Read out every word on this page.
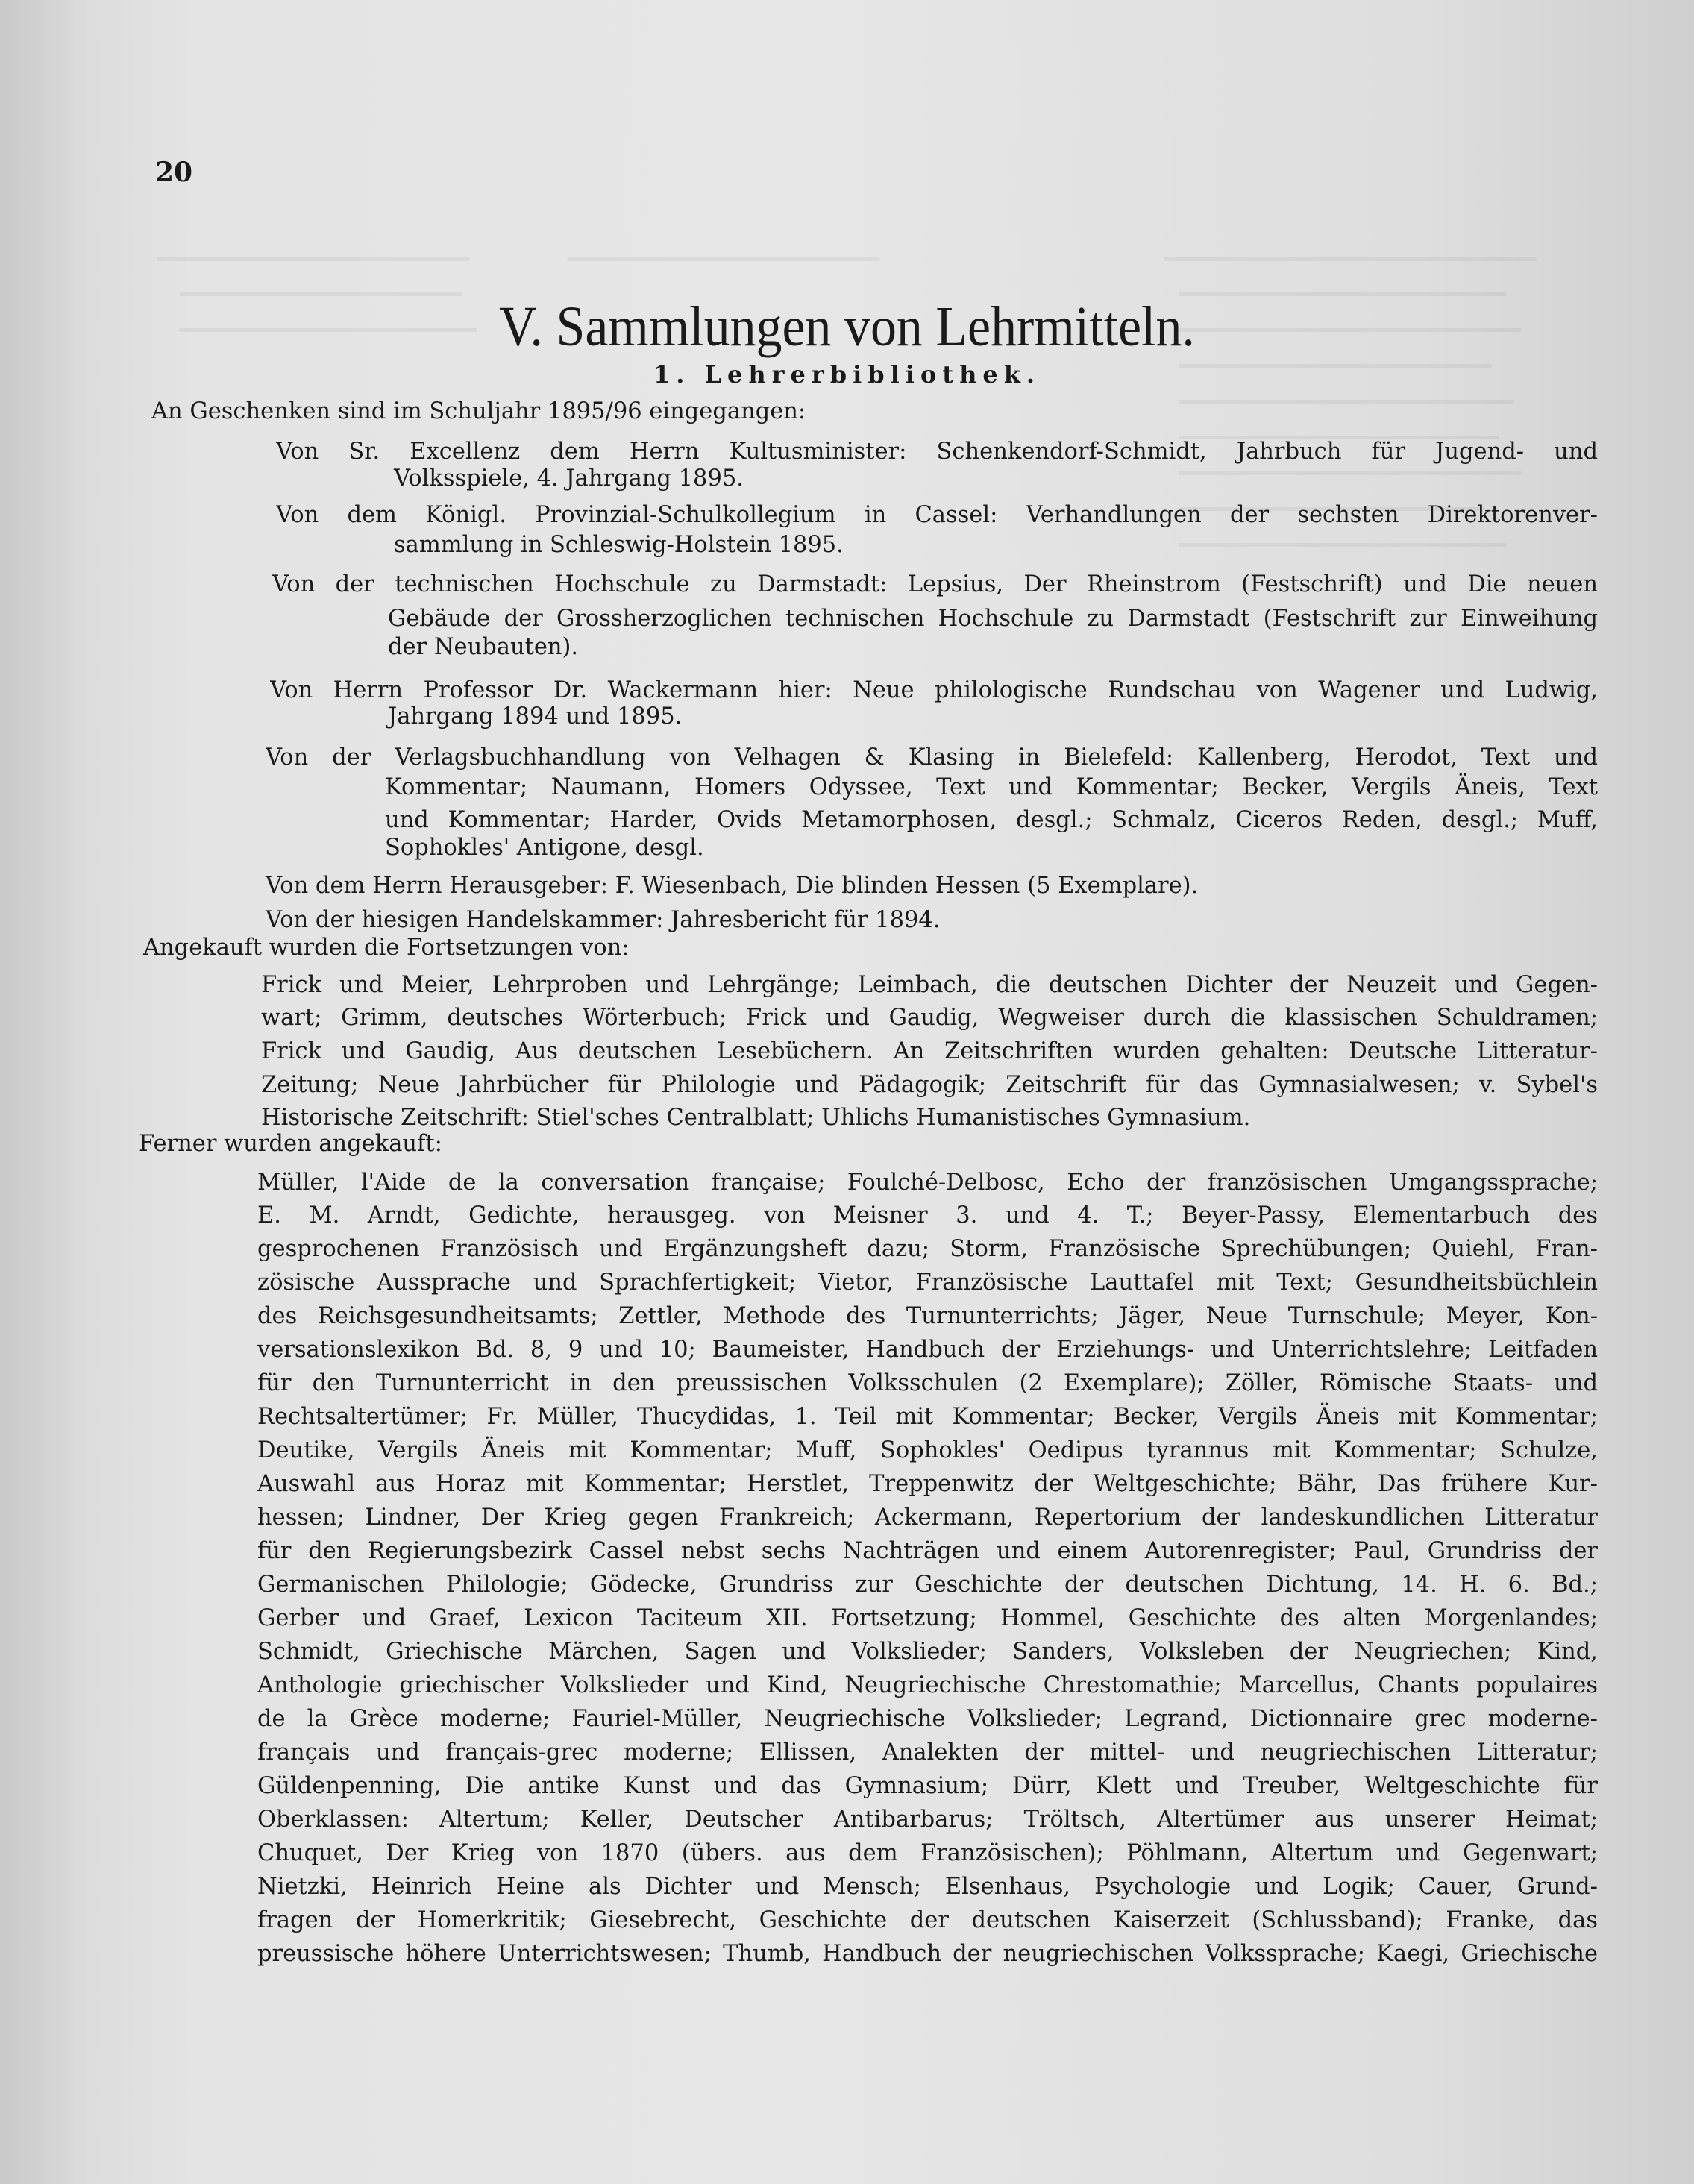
20
V. Sammlungen von Lehrmitteln.
1. Lehrerbibliothek.

An Geschenken sind im Schuljahr 1895/96 eingegangen:

Von Sr. Excellenz dem Herrn Kultusminister: Schenkendorf-Schmidt, Jahrbuch für Jugend- und

Volksspiele, 4. Jahrgang 1895.

Von dem Königl. Provinzial-Schulkollegium in Cassel: Verhandlungen der sechsten Direktorenver-

sammlung in Schleswig-Holstein 1895.

Von der technischen Hochschule zu Darmstadt: Lepsius, Der Rheinstrom (Festschrift) und Die neuen

Gebäude der Grossherzoglichen technischen Hochschule zu Darmstadt (Festschrift zur Einweihung

der Neubauten).

Von Herrn Professor Dr. Wackermann hier: Neue philologische Rundschau von Wagener und Ludwig,

Jahrgang 1894 und 1895.

Von der Verlagsbuchhandlung von Velhagen & Klasing in Bielefeld: Kallenberg, Herodot, Text und

Kommentar; Naumann, Homers Odyssee, Text und Kommentar; Becker, Vergils Äneis, Text

und Kommentar; Harder, Ovids Metamorphosen, desgl.; Schmalz, Ciceros Reden, desgl.; Muff,

Sophokles' Antigone, desgl.

Von dem Herrn Herausgeber: F. Wiesenbach, Die blinden Hessen (5 Exemplare).

Von der hiesigen Handelskammer: Jahresbericht für 1894.

Angekauft wurden die Fortsetzungen von:

Frick und Meier, Lehrproben und Lehrgänge; Leimbach, die deutschen Dichter der Neuzeit und Gegen-

wart; Grimm, deutsches Wörterbuch; Frick und Gaudig, Wegweiser durch die klassischen Schuldramen;

Frick und Gaudig, Aus deutschen Lesebüchern. An Zeitschriften wurden gehalten: Deutsche Litteratur-

Zeitung; Neue Jahrbücher für Philologie und Pädagogik; Zeitschrift für das Gymnasialwesen; v. Sybel's

Historische Zeitschrift: Stiel'sches Centralblatt; Uhlichs Humanistisches Gymnasium.

Ferner wurden angekauft:

Müller, l'Aide de la conversation française; Foulché-Delbosc, Echo der französischen Umgangssprache;

E. M. Arndt, Gedichte, herausgeg. von Meisner 3. und 4. T.; Beyer-Passy, Elementarbuch des

gesprochenen Französisch und Ergänzungsheft dazu; Storm, Französische Sprechübungen; Quiehl, Fran-

zösische Aussprache und Sprachfertigkeit; Vietor, Französische Lauttafel mit Text; Gesundheitsbüchlein

des Reichsgesundheitsamts; Zettler, Methode des Turnunterrichts; Jäger, Neue Turnschule; Meyer, Kon-

versationslexikon Bd. 8, 9 und 10; Baumeister, Handbuch der Erziehungs- und Unterrichtslehre; Leitfaden

für den Turnunterricht in den preussischen Volksschulen (2 Exemplare); Zöller, Römische Staats- und

Rechtsaltertümer; Fr. Müller, Thucydidas, 1. Teil mit Kommentar; Becker, Vergils Äneis mit Kommentar;

Deutike, Vergils Äneis mit Kommentar; Muff, Sophokles' Oedipus tyrannus mit Kommentar; Schulze,

Auswahl aus Horaz mit Kommentar; Herstlet, Treppenwitz der Weltgeschichte; Bähr, Das frühere Kur-

hessen; Lindner, Der Krieg gegen Frankreich; Ackermann, Repertorium der landeskundlichen Litteratur

für den Regierungsbezirk Cassel nebst sechs Nachträgen und einem Autorenregister; Paul, Grundriss der

Germanischen Philologie; Gödecke, Grundriss zur Geschichte der deutschen Dichtung, 14. H. 6. Bd.;

Gerber und Graef, Lexicon Taciteum XII. Fortsetzung; Hommel, Geschichte des alten Morgenlandes;

Schmidt, Griechische Märchen, Sagen und Volkslieder; Sanders, Volksleben der Neugriechen; Kind,

Anthologie griechischer Volkslieder und Kind, Neugriechische Chrestomathie; Marcellus, Chants populaires

de la Grèce moderne; Fauriel-Müller, Neugriechische Volkslieder; Legrand, Dictionnaire grec moderne-

français und français-grec moderne; Ellissen, Analekten der mittel- und neugriechischen Litteratur;

Güldenpenning, Die antike Kunst und das Gymnasium; Dürr, Klett und Treuber, Weltgeschichte für

Oberklassen: Altertum; Keller, Deutscher Antibarbarus; Tröltsch, Altertümer aus unserer Heimat;

Chuquet, Der Krieg von 1870 (übers. aus dem Französischen); Pöhlmann, Altertum und Gegenwart;

Nietzki, Heinrich Heine als Dichter und Mensch; Elsenhaus, Psychologie und Logik; Cauer, Grund-

fragen der Homerkritik; Giesebrecht, Geschichte der deutschen Kaiserzeit (Schlussband); Franke, das

preussische höhere Unterrichtswesen; Thumb, Handbuch der neugriechischen Volkssprache; Kaegi, Griechische
